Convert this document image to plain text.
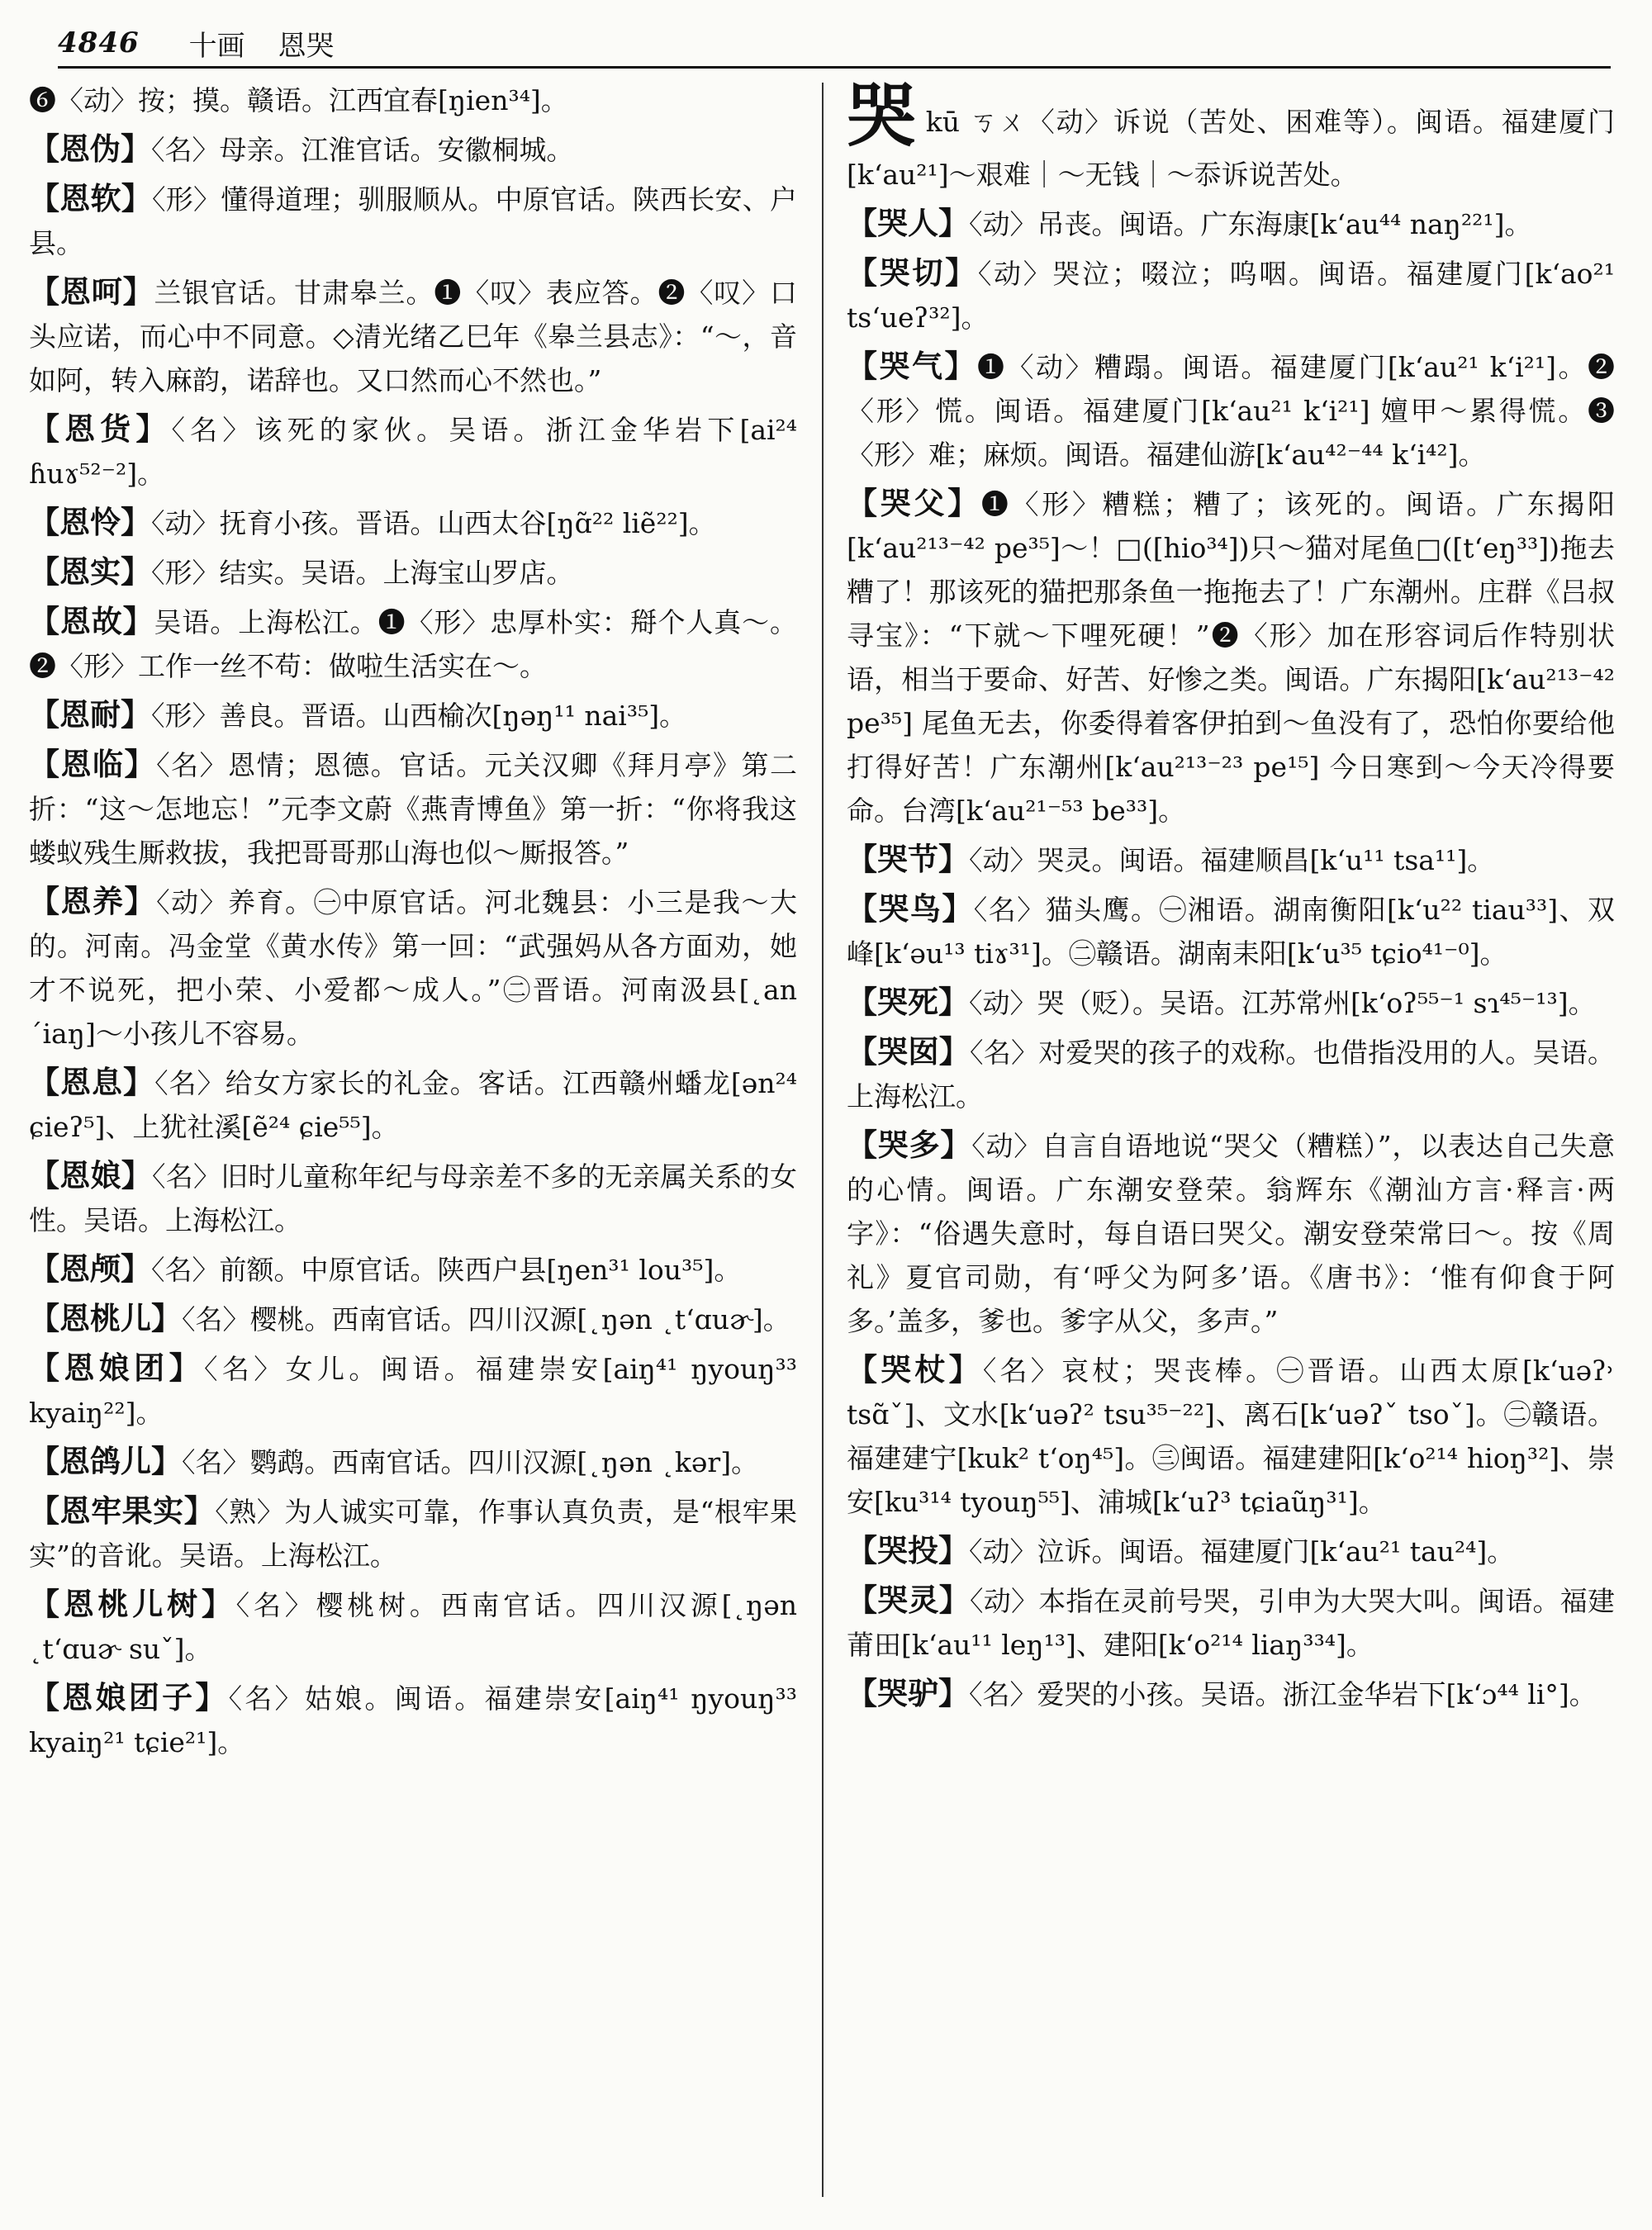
4846 十画 恩哭
❻〈动〉按；摸。赣语。江西宜春[ŋien³⁴]。
【恩伪】〈名〉母亲。江淮官话。安徽桐城。
【恩软】〈形〉懂得道理；驯服顺从。中原官话。陕西长安、户县。
【恩呵】兰银官话。甘肃皋兰。❶〈叹〉表应答。❷〈叹〉口头应诺，而心中不同意。◇清光绪乙巳年《皋兰县志》：“～，音如阿，转入麻韵，诺辞也。又口然而心不然也。”
【恩货】〈名〉该死的家伙。吴语。浙江金华岩下[ai²⁴ ɦuɤ⁵²⁻²]。
【恩怜】〈动〉抚育小孩。晋语。山西太谷[ŋɑ̃²² liẽ²²]。
【恩实】〈形〉结实。吴语。上海宝山罗店。
【恩故】吴语。上海松江。❶〈形〉忠厚朴实：搿个人真～。❷〈形〉工作一丝不苟：做啦生活实在～。
【恩耐】〈形〉善良。晋语。山西榆次[ŋəŋ¹¹ nai³⁵]。
【恩临】〈名〉恩情；恩德。官话。元关汉卿《拜月亭》第二折：“这～怎地忘！”元李文蔚《燕青博鱼》第一折：“你将我这蝼蚁残生厮救拔，我把哥哥那山海也似～厮报答。”
【恩养】〈动〉养育。㊀中原官话。河北魏县：小三是我～大的。河南。冯金堂《黄水传》第一回：“武强妈从各方面劝，她才不说死，把小荣、小爱都～成人。”㊁晋语。河南汲县[˛an ˊiaŋ]～小孩儿不容易。
【恩息】〈名〉给女方家长的礼金。客话。江西赣州蟠龙[ən²⁴ ɕieʔ⁵]、上犹社溪[ẽ²⁴ ɕie⁵⁵]。
【恩娘】〈名〉旧时儿童称年纪与母亲差不多的无亲属关系的女性。吴语。上海松江。
【恩颅】〈名〉前额。中原官话。陕西户县[ŋen³¹ lou³⁵]。
【恩桃儿】〈名〉樱桃。西南官话。四川汉源[˛ŋən ˛t‘ɑuɚ]。
【恩娘团】〈名〉女儿。闽语。福建崇安[aiŋ⁴¹ ŋyouŋ³³ kyaiŋ²²]。
【恩鸽儿】〈名〉鹦鹉。西南官话。四川汉源[˛ŋən ˛kər]。
【恩牢果实】〈熟〉为人诚实可靠，作事认真负责，是“根牢果实”的音讹。吴语。上海松江。
【恩桃儿树】〈名〉樱桃树。西南官话。四川汉源[˛ŋən ˛t‘ɑuɚ suˇ]。
【恩娘团子】〈名〉姑娘。闽语。福建崇安[aiŋ⁴¹ ŋyouŋ³³ kyaiŋ²¹ tɕie²¹]。
哭kū ㄎㄨ〈动〉诉说（苦处、困难等）。闽语。福建厦门[k‘au²¹]～艰难｜～无钱｜～忝诉说苦处。
【哭人】〈动〉吊丧。闽语。广东海康[k‘au⁴⁴ naŋ²²¹]。
【哭切】〈动〉哭泣；啜泣；呜咽。闽语。福建厦门[k‘ao²¹ ts‘ueʔ³²]。
【哭气】❶〈动〉糟蹋。闽语。福建厦门[k‘au²¹ k‘i²¹]。❷〈形〉慌。闽语。福建厦门[k‘au²¹ k‘i²¹] 嬗甲～累得慌。❸〈形〉难；麻烦。闽语。福建仙游[k‘au⁴²⁻⁴⁴ k‘i⁴²]。
【哭父】❶〈形〉糟糕；糟了；该死的。闽语。广东揭阳[k‘au²¹³⁻⁴² pe³⁵]～！□([hio³⁴])只～猫对尾鱼□([t‘eŋ³³])拖去 糟了！那该死的猫把那条鱼一拖拖去了！广东潮州。庄群《吕叔寻宝》：“下就～下哩死硬！”❷〈形〉加在形容词后作特别状语，相当于要命、好苦、好惨之类。闽语。广东揭阳[k‘au²¹³⁻⁴² pe³⁵] 尾鱼无去，你委得着客伊拍到～鱼没有了，恐怕你要给他打得好苦！广东潮州[k‘au²¹³⁻²³ pe¹⁵] 今日寒到～今天冷得要命。台湾[k‘au²¹⁻⁵³ be³³]。
【哭节】〈动〉哭灵。闽语。福建顺昌[k‘u¹¹ tsa¹¹]。
【哭鸟】〈名〉猫头鹰。㊀湘语。湖南衡阳[k‘u²² tiau³³]、双峰[k‘əu¹³ tiɤ³¹]。㊁赣语。湖南耒阳[k‘u³⁵ tɕio⁴¹⁻⁰]。
【哭死】〈动〉哭（贬）。吴语。江苏常州[k‘oʔ⁵⁵⁻¹ sɿ⁴⁵⁻¹³]。
【哭囡】〈名〉对爱哭的孩子的戏称。也借指没用的人。吴语。上海松江。
【哭多】〈动〉自言自语地说“哭父（糟糕）”，以表达自己失意的心情。闽语。广东潮安登荣。翁辉东《潮汕方言·释言·两字》：“俗遇失意时，每自语曰哭父。潮安登荣常曰～。按《周礼》夏官司勋，有‘呼父为阿多’语。《唐书》：‘惟有仰食于阿多。’盖多，爹也。爹字从父，多声。”
【哭杖】〈名〉哀杖；哭丧棒。㊀晋语。山西太原[k‘uəʔ˒ tsɑ̃ˇ]、文水[k‘uəʔ² tsu³⁵⁻²²]、离石[k‘uəʔˇ tsoˇ]。㊁赣语。福建建宁[kuk² t‘oŋ⁴⁵]。㊂闽语。福建建阳[k‘o²¹⁴ hioŋ³²]、崇安[ku³¹⁴ tyouŋ⁵⁵]、浦城[k‘uʔ³ tɕiaũŋ³¹]。
【哭投】〈动〉泣诉。闽语。福建厦门[k‘au²¹ tau²⁴]。
【哭灵】〈动〉本指在灵前号哭，引申为大哭大叫。闽语。福建莆田[k‘au¹¹ leŋ¹³]、建阳[k‘o²¹⁴ liaŋ³³⁴]。
【哭驴】〈名〉爱哭的小孩。吴语。浙江金华岩下[k‘ɔ⁴⁴ li°]。
